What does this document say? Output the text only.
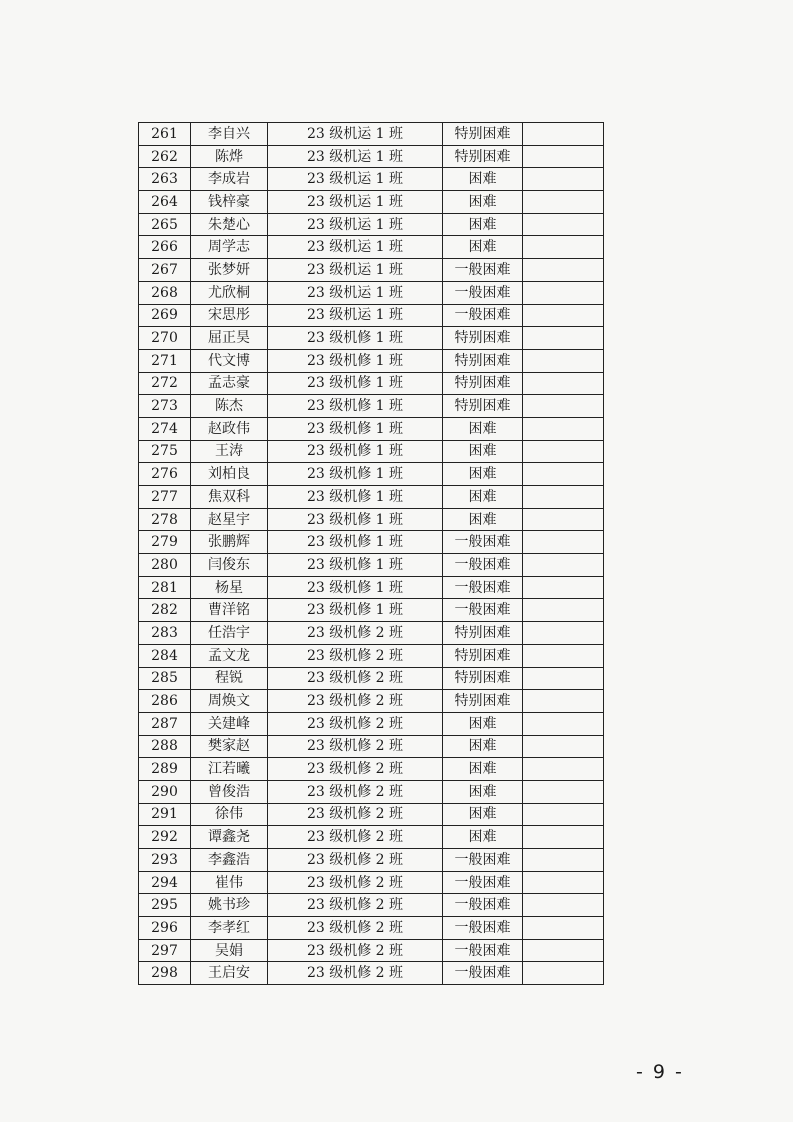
261	李自兴	23 级机运 1 班	特别困难	
262	陈烨	23 级机运 1 班	特别困难	
263	李成岩	23 级机运 1 班	困难	
264	钱梓豪	23 级机运 1 班	困难	
265	朱楚心	23 级机运 1 班	困难	
266	周学志	23 级机运 1 班	困难	
267	张梦妍	23 级机运 1 班	一般困难	
268	尤欣桐	23 级机运 1 班	一般困难	
269	宋思彤	23 级机运 1 班	一般困难	
270	屈正昊	23 级机修 1 班	特别困难	
271	代文博	23 级机修 1 班	特别困难	
272	孟志豪	23 级机修 1 班	特别困难	
273	陈杰	23 级机修 1 班	特别困难	
274	赵政伟	23 级机修 1 班	困难	
275	王涛	23 级机修 1 班	困难	
276	刘柏良	23 级机修 1 班	困难	
277	焦双科	23 级机修 1 班	困难	
278	赵星宇	23 级机修 1 班	困难	
279	张鹏辉	23 级机修 1 班	一般困难	
280	闫俊东	23 级机修 1 班	一般困难	
281	杨星	23 级机修 1 班	一般困难	
282	曹洋铭	23 级机修 1 班	一般困难	
283	任浩宇	23 级机修 2 班	特别困难	
284	孟文龙	23 级机修 2 班	特别困难	
285	程锐	23 级机修 2 班	特别困难	
286	周焕文	23 级机修 2 班	特别困难	
287	关建峰	23 级机修 2 班	困难	
288	樊家赵	23 级机修 2 班	困难	
289	江若曦	23 级机修 2 班	困难	
290	曾俊浩	23 级机修 2 班	困难	
291	徐伟	23 级机修 2 班	困难	
292	谭鑫尧	23 级机修 2 班	困难	
293	李鑫浩	23 级机修 2 班	一般困难	
294	崔伟	23 级机修 2 班	一般困难	
295	姚书珍	23 级机修 2 班	一般困难	
296	李孝红	23 级机修 2 班	一般困难	
297	吴娟	23 级机修 2 班	一般困难	
298	王启安	23 级机修 2 班	一般困难	
- 9 -
